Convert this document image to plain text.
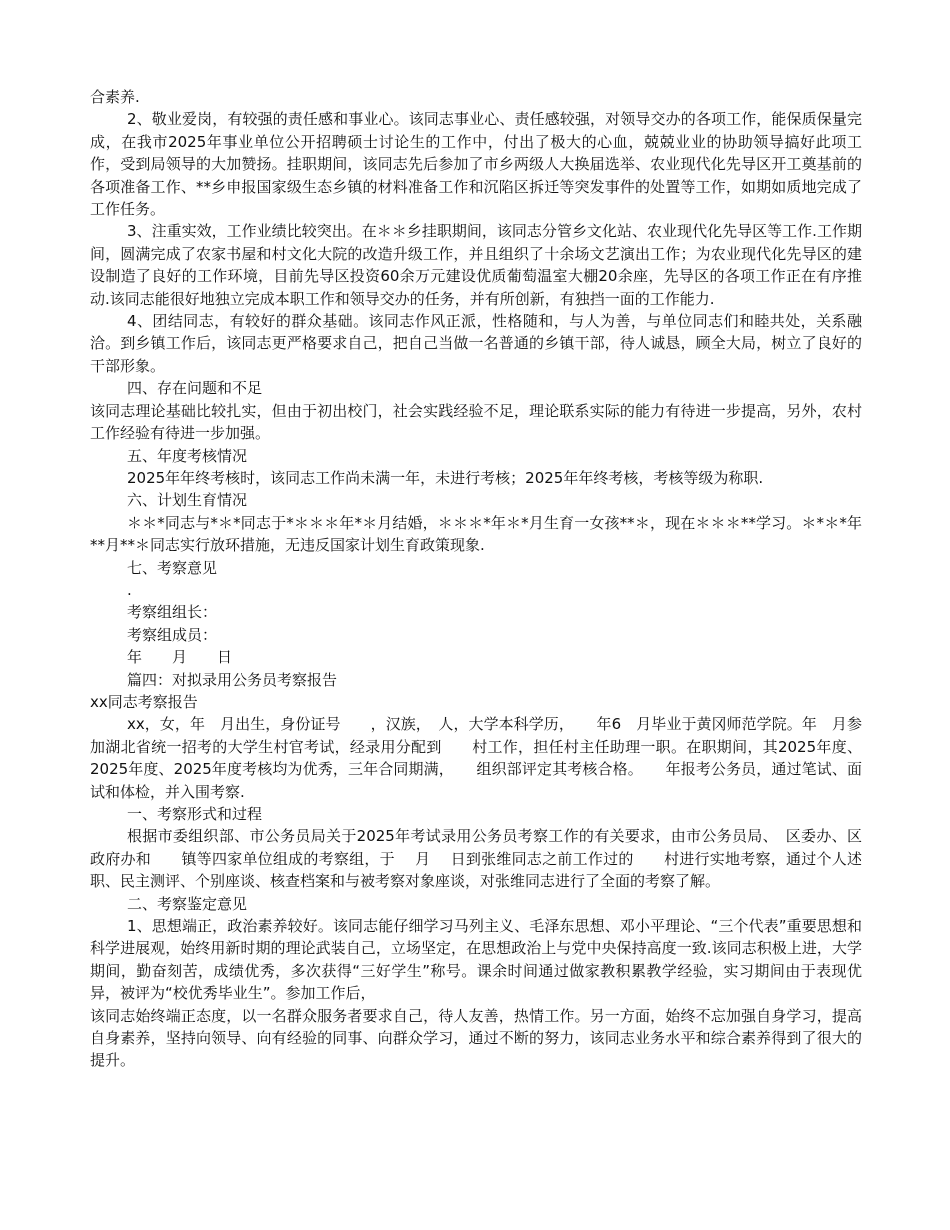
合素养.

2、敬业爱岗，有较强的责任感和事业心。该同志事业心、责任感较强，对领导交办的各项工作，能保质保量完成，在我市2025年事业单位公开招聘硕士讨论生的工作中，付出了极大的心血，兢兢业业的协助领导搞好此项工作，受到局领导的大加赞扬。挂职期间，该同志先后参加了市乡两级人大换届选举、农业现代化先导区开工奠基前的各项准备工作、**乡申报国家级生态乡镇的材料准备工作和沉陷区拆迁等突发事件的处置等工作，如期如质地完成了工作任务。

3、注重实效，工作业绩比较突出。在＊＊乡挂职期间，该同志分管乡文化站、农业现代化先导区等工作.工作期间，圆满完成了农家书屋和村文化大院的改造升级工作，并且组织了十余场文艺演出工作；为农业现代化先导区的建设制造了良好的工作环境，目前先导区投资60余万元建设优质葡萄温室大棚20余座，先导区的各项工作正在有序推动.该同志能很好地独立完成本职工作和领导交办的任务，并有所创新，有独挡一面的工作能力.

4、团结同志，有较好的群众基础。该同志作风正派，性格随和，与人为善，与单位同志们和睦共处，关系融洽。到乡镇工作后，该同志更严格要求自己，把自己当做一名普通的乡镇干部，待人诚恳，顾全大局，树立了良好的干部形象。

四、存在问题和不足

该同志理论基础比较扎实，但由于初出校门，社会实践经验不足，理论联系实际的能力有待进一步提高，另外，农村工作经验有待进一步加强。

五、年度考核情况

2025年年终考核时，该同志工作尚未满一年，未进行考核；2025年年终考核，考核等级为称职.

六、计划生育情况

＊＊*同志与*＊*同志于*＊＊＊年*＊月结婚，＊＊＊*年＊*月生育一女孩**＊，现在＊＊＊**学习。＊*＊*年**月**＊同志实行放环措施，无违反国家计划生育政策现象.

七、考察意见

.

考察组组长：

考察组成员：

年　　月　　日

篇四：对拟录用公务员考察报告

xx同志考察报告

xx，女，年　月出生，身份证号　　，汉族，　人，大学本科学历，　　年6　月毕业于黄冈师范学院。年　月参加湖北省统一招考的大学生村官考试，经录用分配到　　村工作，担任村主任助理一职。在职期间，其2025年度、2025年度、2025年度考核均为优秀，三年合同期满，　　组织部评定其考核合格。　　年报考公务员，通过笔试、面试和体检，并入围考察.

一、考察形式和过程

根据市委组织部、市公务员局关于2025年考试录用公务员考察工作的有关要求，由市公务员局、　区委办、区政府办和　　镇等四家单位组成的考察组，于　 月　 日到张维同志之前工作过的　　村进行实地考察，通过个人述职、民主测评、个别座谈、核查档案和与被考察对象座谈，对张维同志进行了全面的考察了解。

二、考察鉴定意见

1、思想端正，政治素养较好。该同志能仔细学习马列主义、毛泽东思想、邓小平理论、“三个代表”重要思想和科学进展观，始终用新时期的理论武装自己，立场坚定，在思想政治上与党中央保持高度一致.该同志积极上进，大学期间，勤奋刻苦，成绩优秀，多次获得“三好学生”称号。课余时间通过做家教积累教学经验，实习期间由于表现优异，被评为“校优秀毕业生”。参加工作后，

该同志始终端正态度，以一名群众服务者要求自己，待人友善，热情工作。另一方面，始终不忘加强自身学习，提高自身素养，坚持向领导、向有经验的同事、向群众学习，通过不断的努力，该同志业务水平和综合素养得到了很大的提升。
